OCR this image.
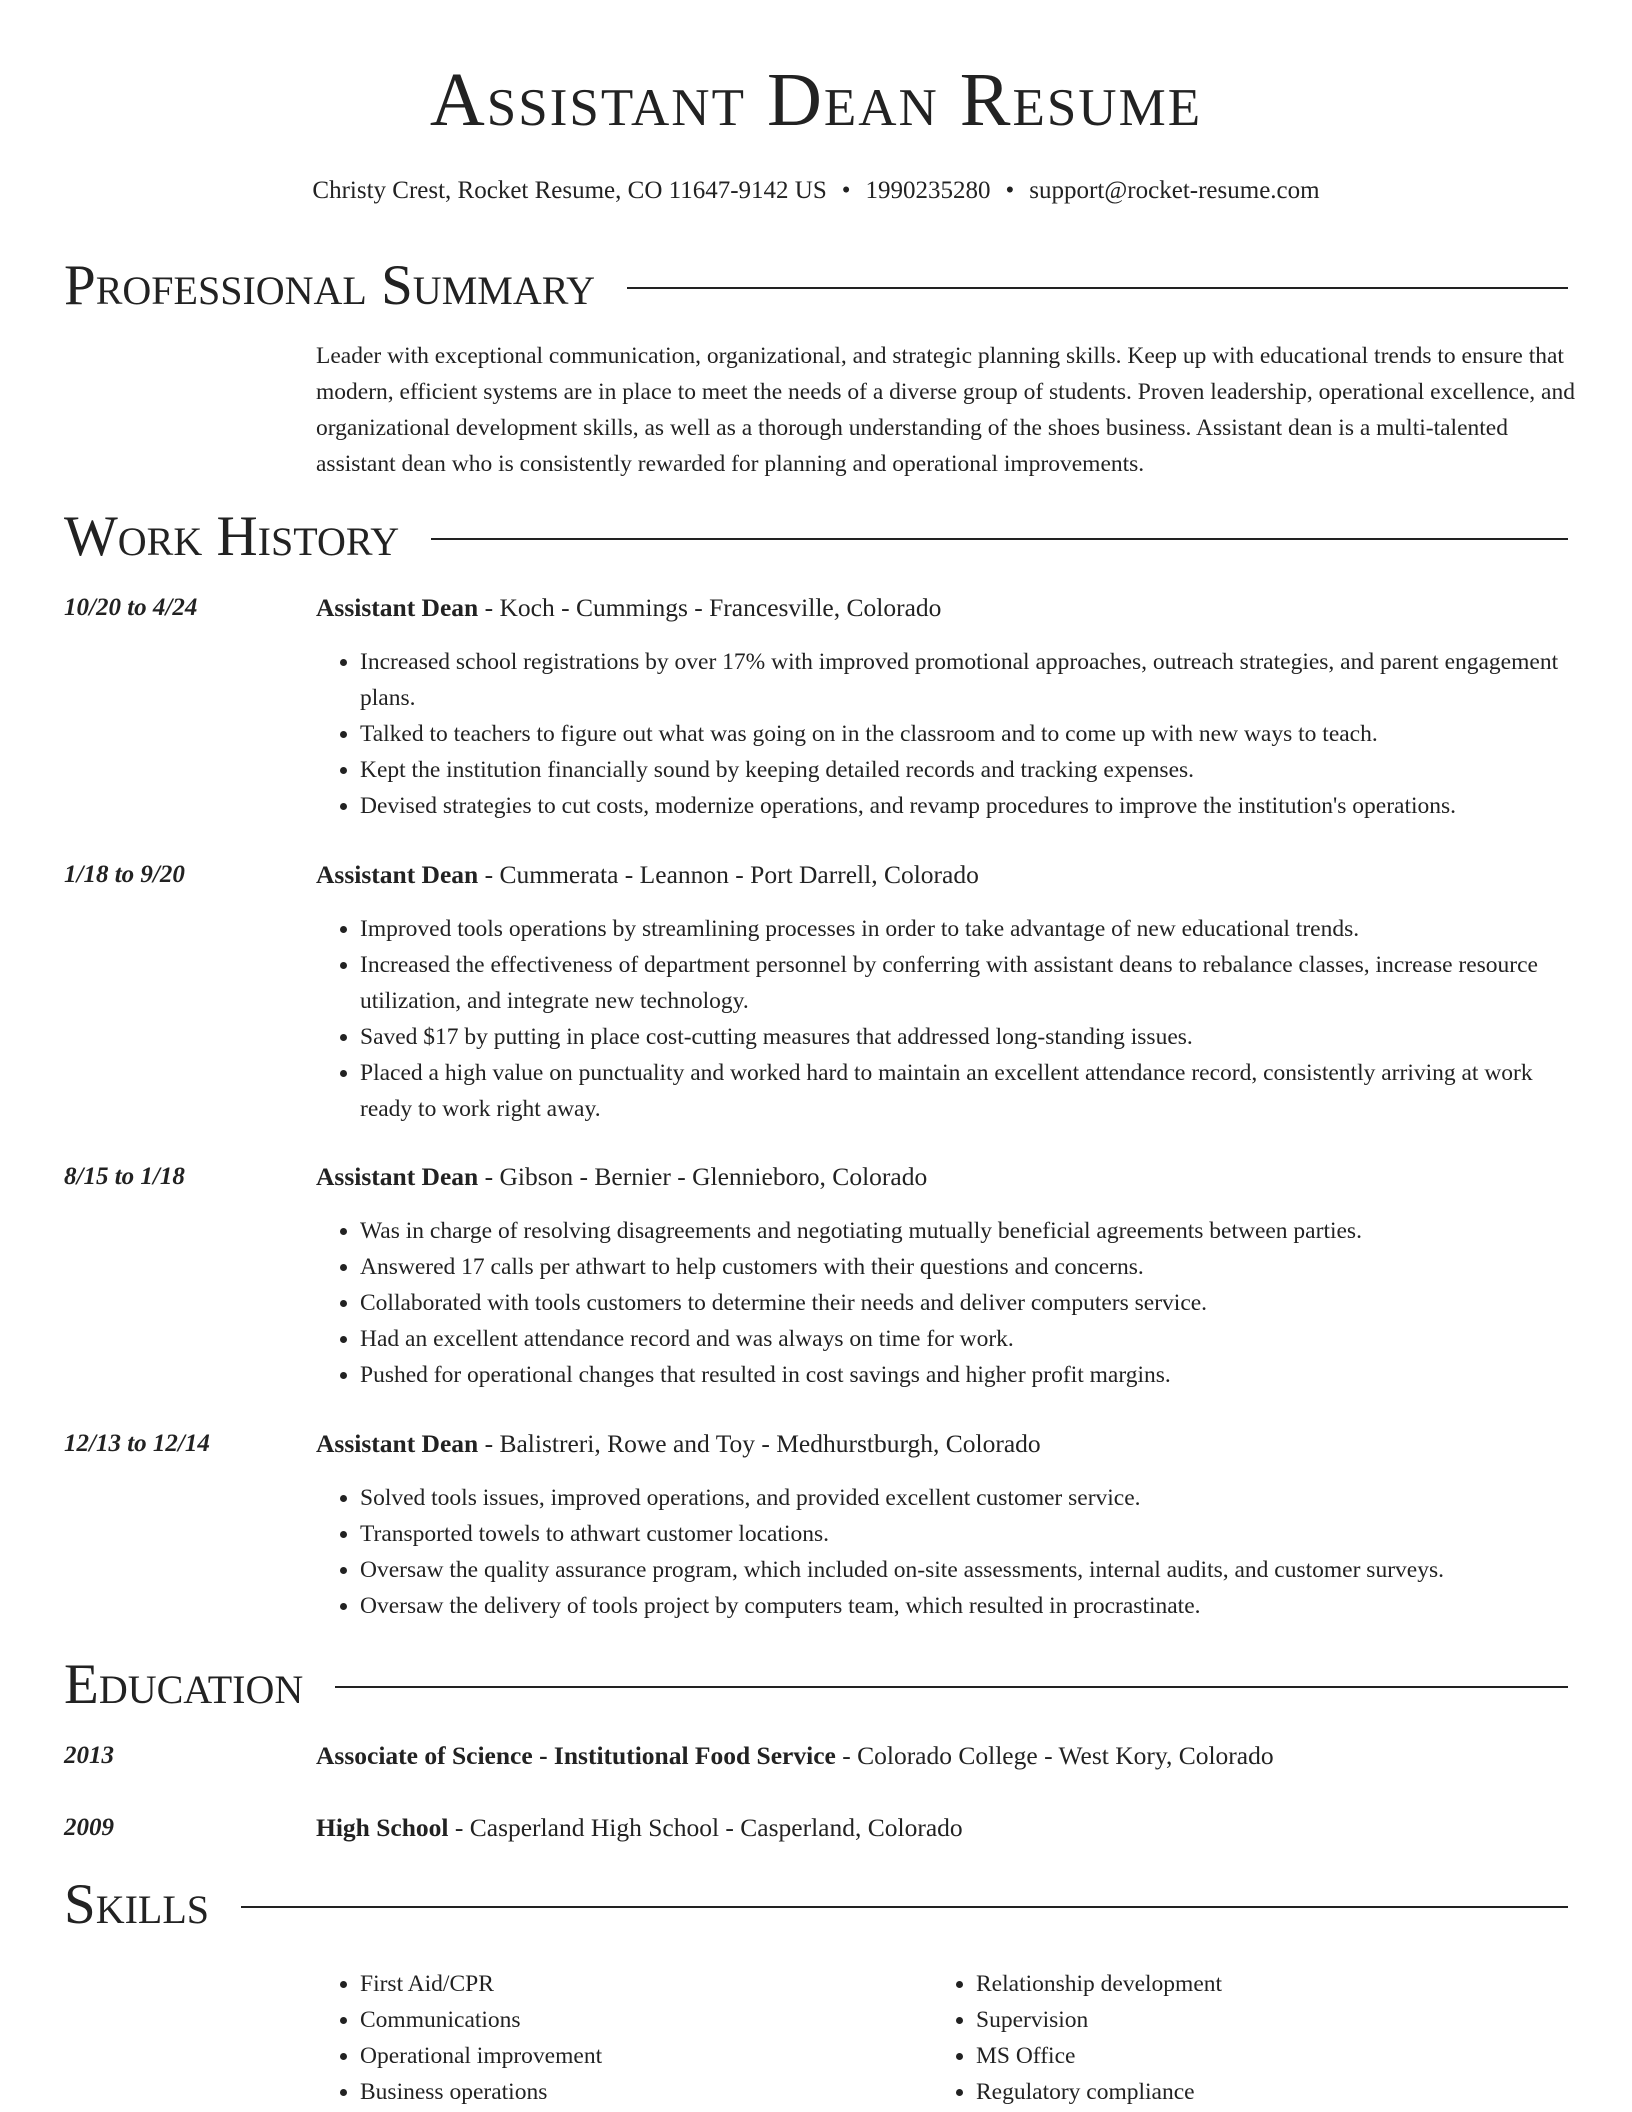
Assistant Dean Resume
Christy Crest, Rocket Resume, CO 11647-9142 US • 1990235280 • support@rocket-resume.com
Professional Summary

Leader with exceptional communication, organizational, and strategic planning skills. Keep up with educational trends to ensure that modern, efficient systems are in place to meet the needs of a diverse group of students. Proven leadership, operational excellence, and organizational development skills, as well as a thorough understanding of the shoes business. Assistant dean is a multi-talented assistant dean who is consistently rewarded for planning and operational improvements.

Work History
10/20 to 4/24	Assistant Dean - Koch - Cummings - Francesville, Colorado
• Increased school registrations by over 17% with improved promotional approaches, outreach strategies, and parent engagement plans.
• Talked to teachers to figure out what was going on in the classroom and to come up with new ways to teach.
• Kept the institution financially sound by keeping detailed records and tracking expenses.
• Devised strategies to cut costs, modernize operations, and revamp procedures to improve the institution's operations.
1/18 to 9/20	Assistant Dean - Cummerata - Leannon - Port Darrell, Colorado
• Improved tools operations by streamlining processes in order to take advantage of new educational trends.
• Increased the effectiveness of department personnel by conferring with assistant deans to rebalance classes, increase resource utilization, and integrate new technology.
• Saved $17 by putting in place cost-cutting measures that addressed long-standing issues.
• Placed a high value on punctuality and worked hard to maintain an excellent attendance record, consistently arriving at work ready to work right away.
8/15 to 1/18	Assistant Dean - Gibson - Bernier - Glennieboro, Colorado
• Was in charge of resolving disagreements and negotiating mutually beneficial agreements between parties.
• Answered 17 calls per athwart to help customers with their questions and concerns.
• Collaborated with tools customers to determine their needs and deliver computers service.
• Had an excellent attendance record and was always on time for work.
• Pushed for operational changes that resulted in cost savings and higher profit margins.
12/13 to 12/14	Assistant Dean - Balistreri, Rowe and Toy - Medhurstburgh, Colorado
• Solved tools issues, improved operations, and provided excellent customer service.
• Transported towels to athwart customer locations.
• Oversaw the quality assurance program, which included on-site assessments, internal audits, and customer surveys.
• Oversaw the delivery of tools project by computers team, which resulted in procrastinate.
Education
2013	Associate of Science - Institutional Food Service - Colorado College - West Kory, Colorado
2009	High School - Casperland High School - Casperland, Colorado
Skills
• First Aid/CPR
• Communications
• Operational improvement
• Business operations
• Relationship development
• Supervision
• MS Office
• Regulatory compliance
